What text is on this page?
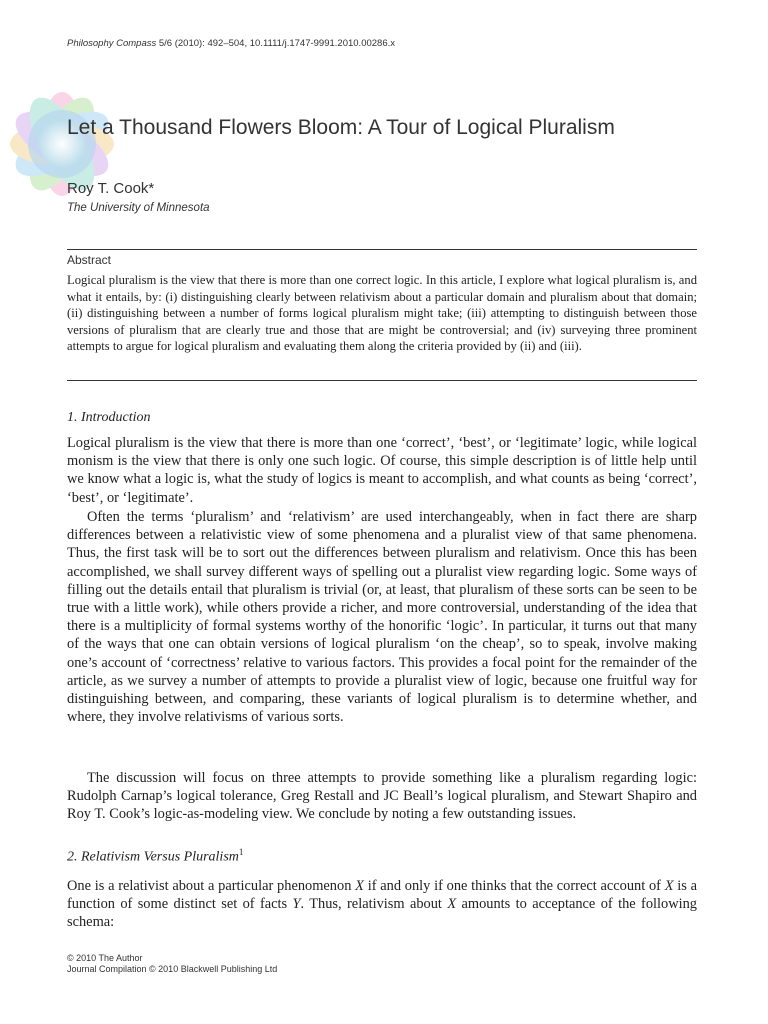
Philosophy Compass 5/6 (2010): 492–504, 10.1111/j.1747-9991.2010.00286.x
Let a Thousand Flowers Bloom: A Tour of Logical Pluralism
Roy T. Cook*
The University of Minnesota
Abstract

Logical pluralism is the view that there is more than one correct logic. In this article, I explore what logical pluralism is, and what it entails, by: (i) distinguishing clearly between relativism about a particular domain and pluralism about that domain; (ii) distinguishing between a number of forms logical pluralism might take; (iii) attempting to distinguish between those versions of pluralism that are clearly true and those that are might be controversial; and (iv) surveying three prominent attempts to argue for logical pluralism and evaluating them along the criteria provided by (ii) and (iii).

1. Introduction

Logical pluralism is the view that there is more than one ‘correct’, ‘best’, or ‘legitimate’ logic, while logical monism is the view that there is only one such logic. Of course, this simple description is of little help until we know what a logic is, what the study of logics is meant to accomplish, and what counts as being ‘correct’, ‘best’, or ‘legitimate’.

Often the terms ‘pluralism’ and ‘relativism’ are used interchangeably, when in fact there are sharp differences between a relativistic view of some phenomena and a pluralist view of that same phenomena. Thus, the first task will be to sort out the differences between pluralism and relativism. Once this has been accomplished, we shall survey different ways of spelling out a pluralist view regarding logic. Some ways of filling out the details entail that pluralism is trivial (or, at least, that pluralism of these sorts can be seen to be true with a little work), while others provide a richer, and more controversial, understanding of the idea that there is a multiplicity of formal systems worthy of the honorific ‘logic’. In particular, it turns out that many of the ways that one can obtain versions of logical pluralism ‘on the cheap’, so to speak, involve making one’s account of ‘correctness’ relative to various factors. This provides a focal point for the remainder of the article, as we survey a number of attempts to provide a pluralist view of logic, because one fruitful way for distinguishing between, and comparing, these variants of logical pluralism is to determine whether, and where, they involve relativisms of various sorts.

The discussion will focus on three attempts to provide something like a pluralism regarding logic: Rudolph Carnap’s logical tolerance, Greg Restall and JC Beall’s logical pluralism, and Stewart Shapiro and Roy T. Cook’s logic-as-modeling view. We conclude by noting a few outstanding issues.

2. Relativism Versus Pluralism$^1$

One is a relativist about a particular phenomenon X if and only if one thinks that the correct account of X is a function of some distinct set of facts Y. Thus, relativism about X amounts to acceptance of the following schema:

© 2010 The Author
Journal Compilation © 2010 Blackwell Publishing Ltd
